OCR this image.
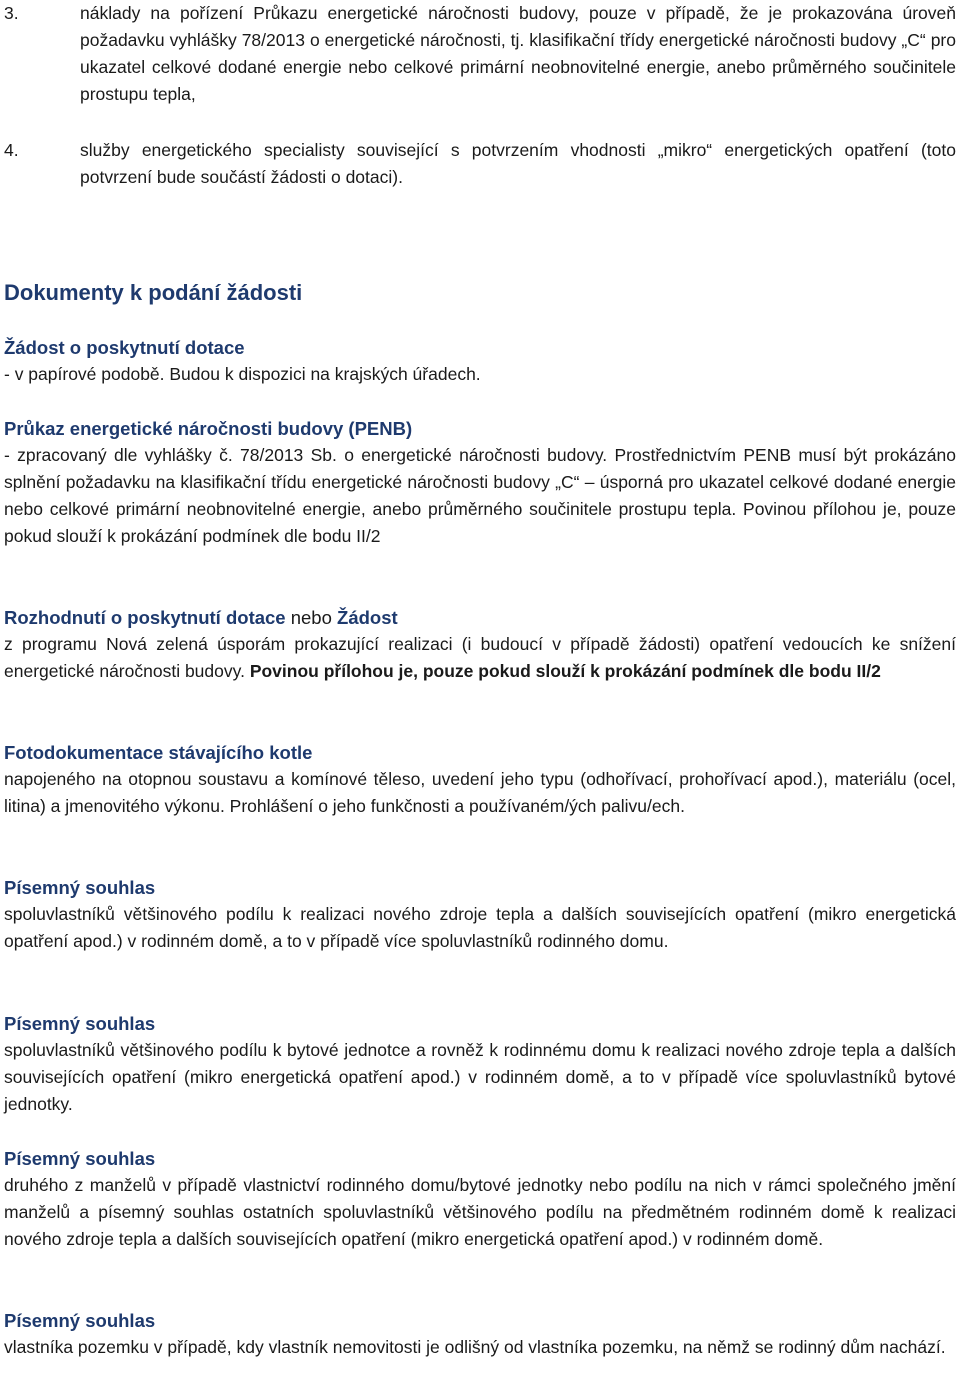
3.	náklady na pořízení Průkazu energetické náročnosti budovy, pouze v případě, že je prokazována úroveň požadavku vyhlášky 78/2013 o energetické náročnosti, tj. klasifikační třídy energetické náročnosti budovy „C“ pro ukazatel celkové dodané energie nebo celkové primární neobnovitelné energie, anebo průměrného součinitele prostupu tepla,
4.	služby energetického specialisty související s potvrzením vhodnosti „mikro“ energetických opatření (toto potvrzení bude součástí žádosti o dotaci).
Dokumenty k podání žádosti
Žádost o poskytnutí dotace
- v papírové podobě. Budou k dispozici na krajských úřadech.
Průkaz energetické náročnosti budovy (PENB)
- zpracovaný dle vyhlášky č. 78/2013 Sb. o energetické náročnosti budovy. Prostřednictvím PENB musí být prokázáno splnění požadavku na klasifikační třídu energetické náročnosti budovy „C“ – úsporná pro ukazatel celkové dodané energie nebo celkové primární neobnovitelné energie, anebo průměrného součinitele prostupu tepla. Povinou přílohou je, pouze pokud slouží k prokázání podmínek dle bodu II/2
Rozhodnutí o poskytnutí dotace nebo Žádost
z programu Nová zelená úsporám prokazující realizaci (i budoucí v případě žádosti) opatření vedoucích ke snížení energetické náročnosti budovy. Povinou přílohou je, pouze pokud slouží k prokázání podmínek dle bodu II/2
Fotodokumentace stávajícího kotle
napojeného na otopnou soustavu a komínové těleso, uvedení jeho typu (odhořívací, prohořívací apod.), materiálu (ocel, litina) a jmenovitého výkonu. Prohlášení o jeho funkčnosti a používaném/ých palivu/ech.
Písemný souhlas
spoluvlastníků většinového podílu k realizaci nového zdroje tepla a dalších souvisejících opatření (mikro energetická opatření apod.) v rodinném domě, a to v případě více spoluvlastníků rodinného domu.
Písemný souhlas
spoluvlastníků většinového podílu k bytové jednotce a rovněž k rodinnému domu k realizaci nového zdroje tepla a dalších souvisejících opatření (mikro energetická opatření apod.) v rodinném domě, a to v případě více spoluvlastníků bytové jednotky.
Písemný souhlas
druhého z manželů v případě vlastnictví rodinného domu/bytové jednotky nebo podílu na nich v rámci společného jmění manželů a písemný souhlas ostatních spoluvlastníků většinového podílu na předmětném rodinném domě k realizaci nového zdroje tepla a dalších souvisejících opatření (mikro energetická opatření apod.) v rodinném domě.
Písemný souhlas
vlastníka pozemku v případě, kdy vlastník nemovitosti je odlišný od vlastníka pozemku, na němž se rodinný dům nachází.
